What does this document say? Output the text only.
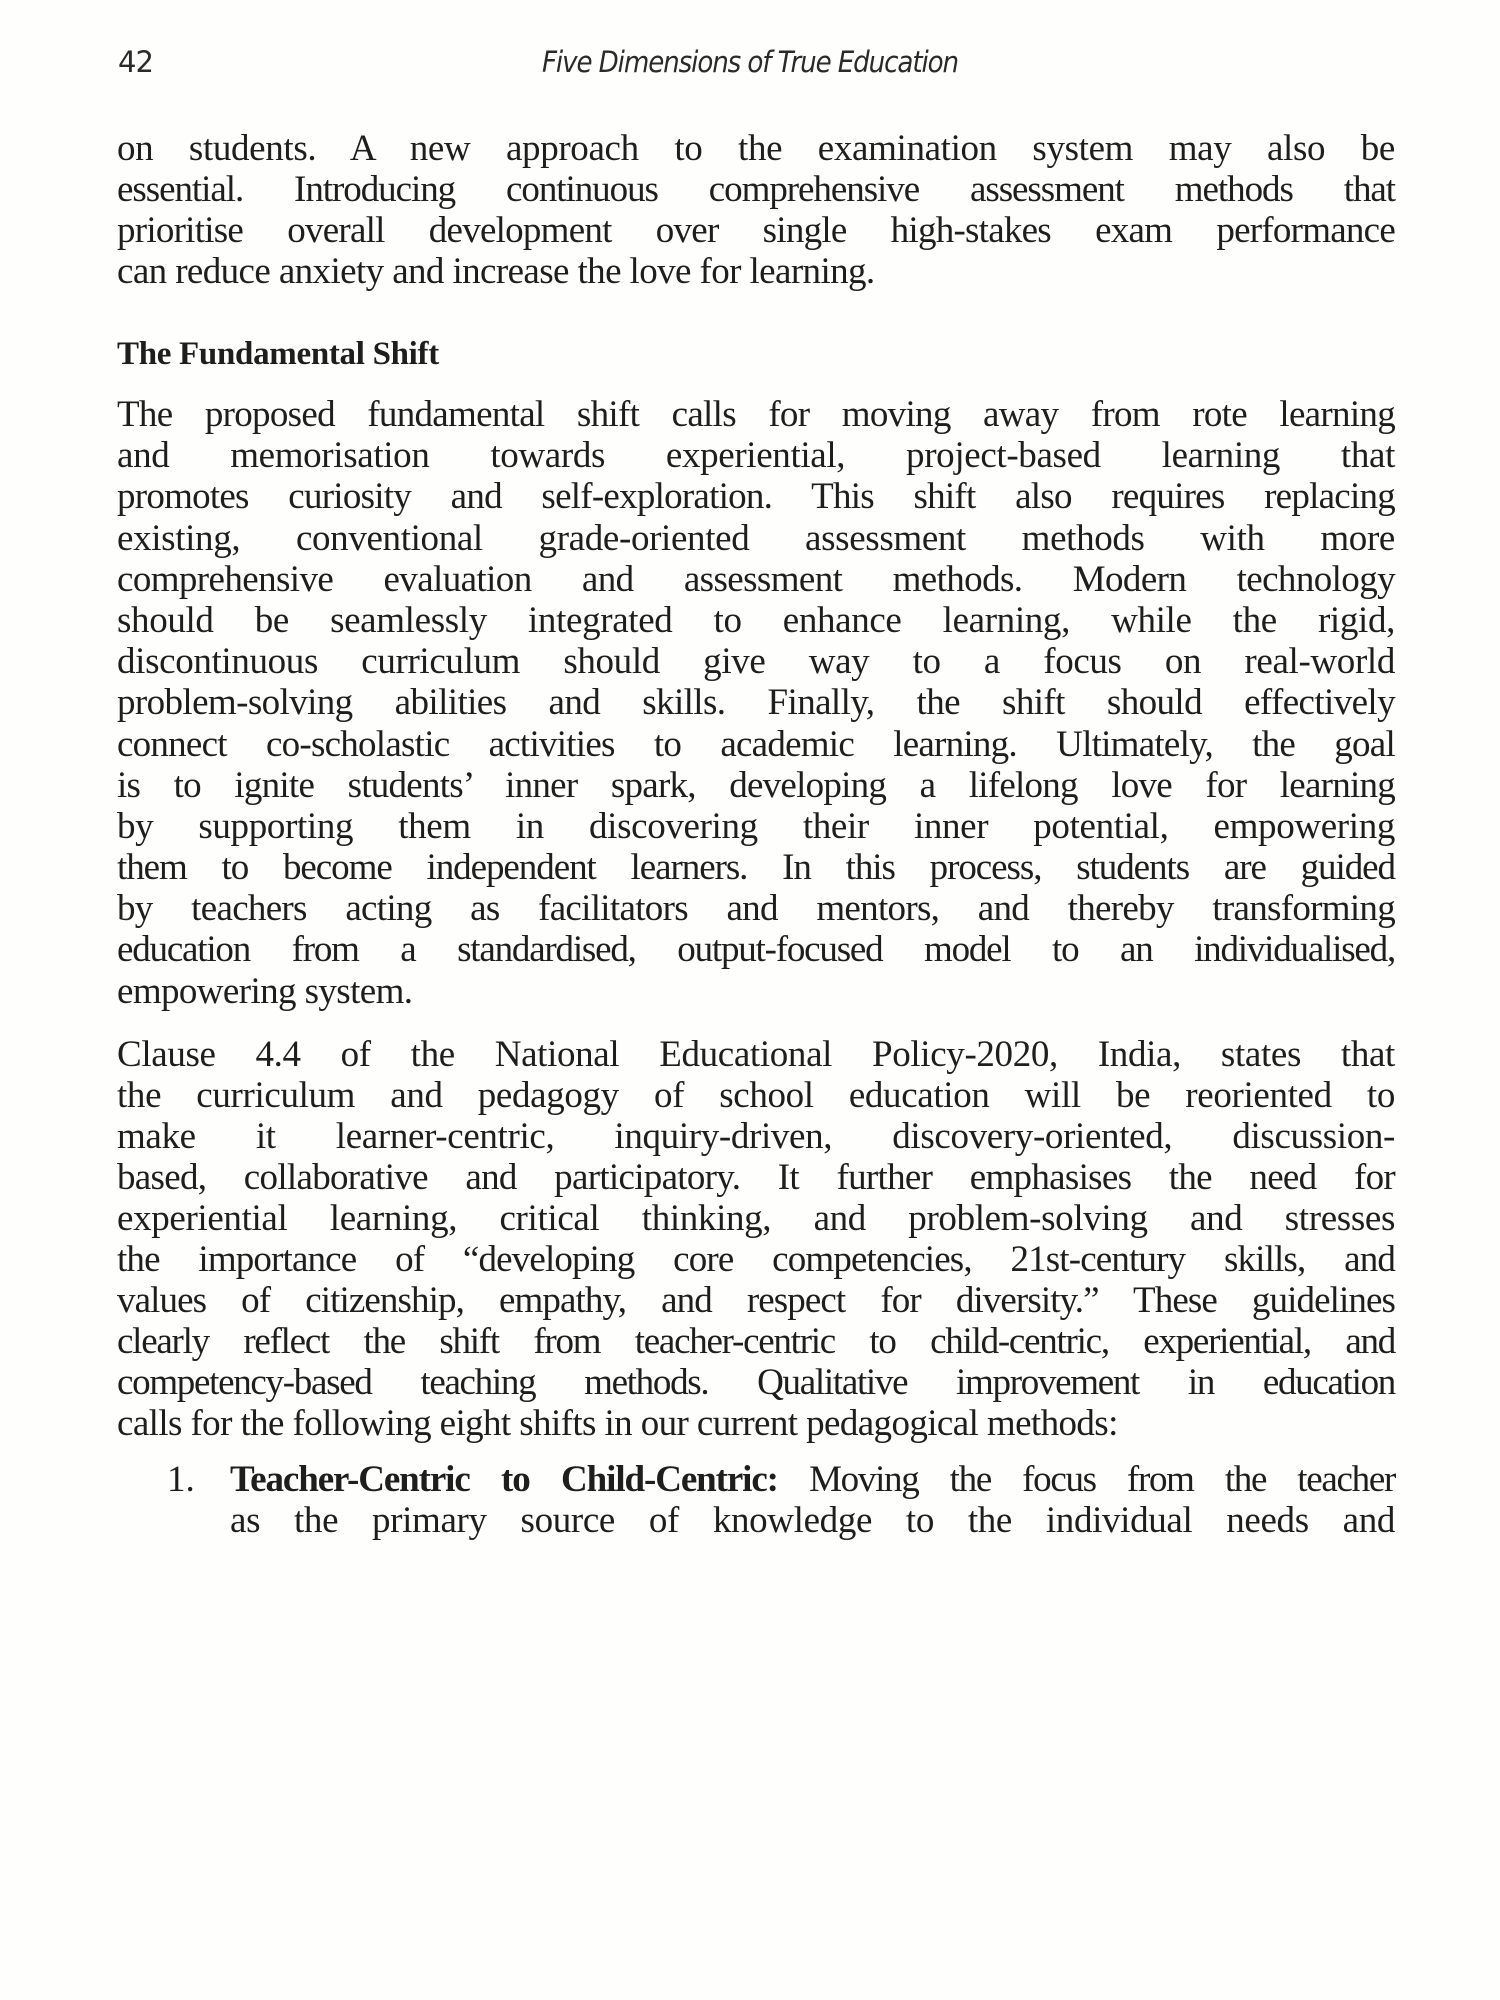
42	Five Dimensions of True Education
on students. A new approach to the examination system may also be
essential. Introducing continuous comprehensive assessment methods that
prioritise overall development over single high-stakes exam performance
can reduce anxiety and increase the love for learning.
The Fundamental Shift
The proposed fundamental shift calls for moving away from rote learning
and memorisation towards experiential, project-based learning that
promotes curiosity and self-exploration. This shift also requires replacing
existing, conventional grade-oriented assessment methods with more
comprehensive evaluation and assessment methods. Modern technology
should be seamlessly integrated to enhance learning, while the rigid,
discontinuous curriculum should give way to a focus on real-world
problem-solving abilities and skills. Finally, the shift should effectively
connect co-scholastic activities to academic learning. Ultimately, the goal
is to ignite students’ inner spark, developing a lifelong love for learning
by supporting them in discovering their inner potential, empowering
them to become independent learners. In this process, students are guided
by teachers acting as facilitators and mentors, and thereby transforming
education from a standardised, output-focused model to an individualised,
empowering system.
Clause 4.4 of the National Educational Policy-2020, India, states that
the curriculum and pedagogy of school education will be reoriented to
make it learner-centric, inquiry-driven, discovery-oriented, discussion-
based, collaborative and participatory. It further emphasises the need for
experiential learning, critical thinking, and problem-solving and stresses
the importance of “developing core competencies, 21st-century skills, and
values of citizenship, empathy, and respect for diversity.” These guidelines
clearly reflect the shift from teacher-centric to child-centric, experiential, and
competency-based teaching methods. Qualitative improvement in education
calls for the following eight shifts in our current pedagogical methods:
1. Teacher-Centric to Child-Centric: Moving the focus from the teacher
as the primary source of knowledge to the individual needs and
